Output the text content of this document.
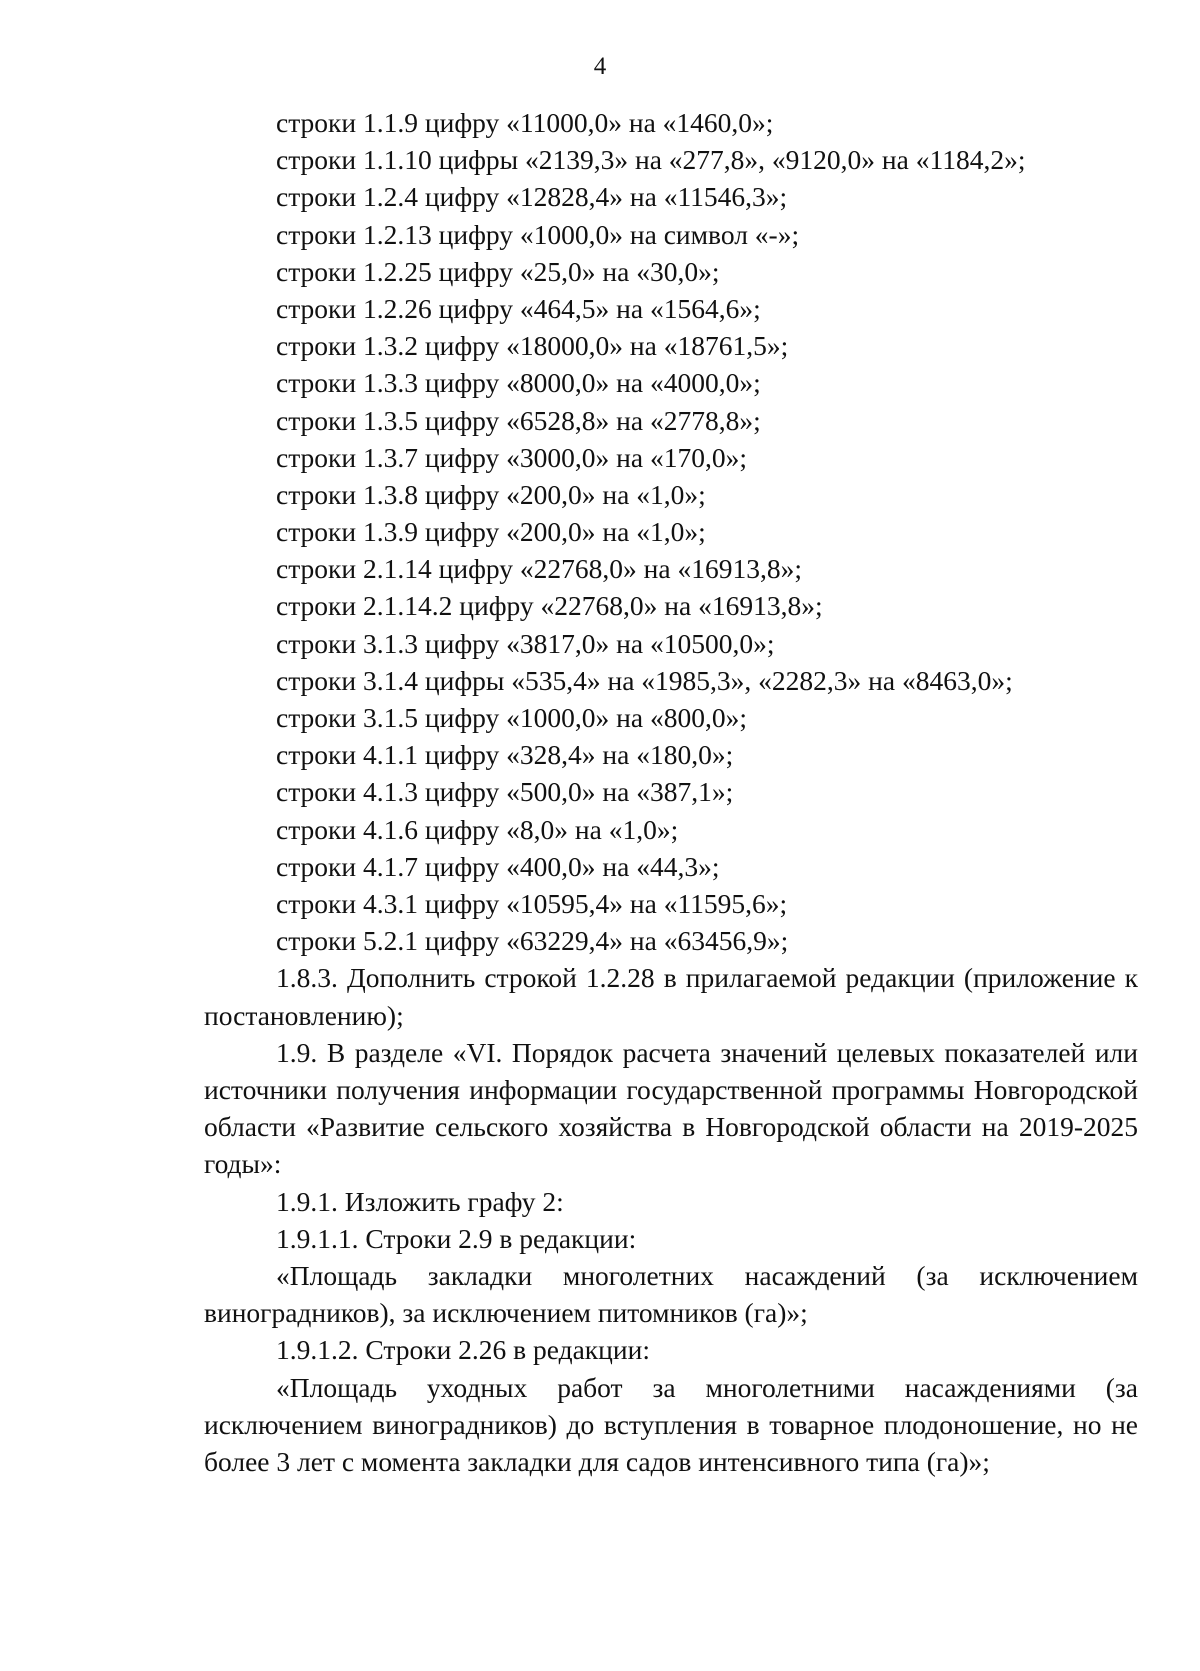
4
строки 1.1.9 цифру «11000,0» на «1460,0»;
строки 1.1.10 цифры «2139,3» на «277,8», «9120,0» на «1184,2»;
строки 1.2.4 цифру «12828,4» на «11546,3»;
строки 1.2.13 цифру «1000,0» на символ «-»;
строки 1.2.25 цифру «25,0» на «30,0»;
строки 1.2.26 цифру «464,5» на «1564,6»;
строки 1.3.2 цифру «18000,0» на «18761,5»;
строки 1.3.3 цифру «8000,0» на «4000,0»;
строки 1.3.5 цифру «6528,8» на «2778,8»;
строки 1.3.7 цифру «3000,0» на «170,0»;
строки 1.3.8 цифру «200,0» на «1,0»;
строки 1.3.9 цифру «200,0» на «1,0»;
строки 2.1.14 цифру «22768,0» на «16913,8»;
строки 2.1.14.2 цифру «22768,0» на «16913,8»;
строки 3.1.3 цифру «3817,0» на «10500,0»;
строки 3.1.4 цифры «535,4» на «1985,3», «2282,3» на «8463,0»;
строки 3.1.5 цифру «1000,0» на «800,0»;
строки 4.1.1 цифру «328,4» на «180,0»;
строки 4.1.3 цифру «500,0» на «387,1»;
строки 4.1.6 цифру «8,0» на «1,0»;
строки 4.1.7 цифру «400,0» на «44,3»;
строки 4.3.1 цифру «10595,4» на «11595,6»;
строки 5.2.1 цифру «63229,4» на «63456,9»;

1.8.3. Дополнить строкой 1.2.28 в прилагаемой редакции (приложение к постановлению);

1.9. В разделе «VI. Порядок расчета значений целевых показателей или источники получения информации государственной программы Новгородской области «Развитие сельского хозяйства в Новгородской области на 2019-2025 годы»:

1.9.1. Изложить графу 2:

1.9.1.1. Строки 2.9 в редакции:

«Площадь закладки многолетних насаждений (за исключением виноградников), за исключением питомников (га)»;

1.9.1.2. Строки 2.26 в редакции:

«Площадь уходных работ за многолетними насаждениями (за исключением виноградников) до вступления в товарное плодоношение, но не более 3 лет с момента закладки для садов интенсивного типа (га)»;
